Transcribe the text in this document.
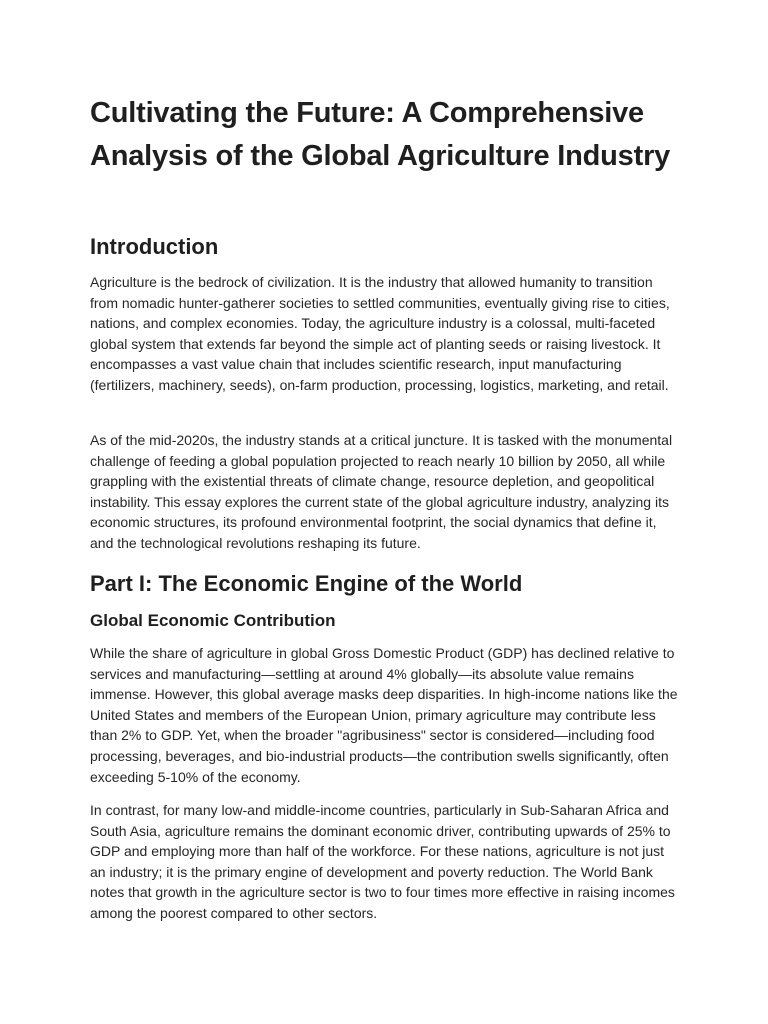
Cultivating the Future: A Comprehensive Analysis of the Global Agriculture Industry
Introduction

Agriculture is the bedrock of civilization. It is the industry that allowed humanity to transition from nomadic hunter-gatherer societies to settled communities, eventually giving rise to cities, nations, and complex economies. Today, the agriculture industry is a colossal, multi-faceted global system that extends far beyond the simple act of planting seeds or raising livestock. It encompasses a vast value chain that includes scientific research, input manufacturing (fertilizers, machinery, seeds), on-farm production, processing, logistics, marketing, and retail.

As of the mid-2020s, the industry stands at a critical juncture. It is tasked with the monumental challenge of feeding a global population projected to reach nearly 10 billion by 2050, all while grappling with the existential threats of climate change, resource depletion, and geopolitical instability. This essay explores the current state of the global agriculture industry, analyzing its economic structures, its profound environmental footprint, the social dynamics that define it, and the technological revolutions reshaping its future.

Part I: The Economic Engine of the World
Global Economic Contribution

While the share of agriculture in global Gross Domestic Product (GDP) has declined relative to services and manufacturing—settling at around 4% globally—its absolute value remains immense. However, this global average masks deep disparities. In high-income nations like the United States and members of the European Union, primary agriculture may contribute less than 2% to GDP. Yet, when the broader "agribusiness" sector is considered—including food processing, beverages, and bio-industrial products—the contribution swells significantly, often exceeding 5-10% of the economy.

In contrast, for many low-and middle-income countries, particularly in Sub-Saharan Africa and South Asia, agriculture remains the dominant economic driver, contributing upwards of 25% to GDP and employing more than half of the workforce. For these nations, agriculture is not just an industry; it is the primary engine of development and poverty reduction. The World Bank notes that growth in the agriculture sector is two to four times more effective in raising incomes among the poorest compared to other sectors.
